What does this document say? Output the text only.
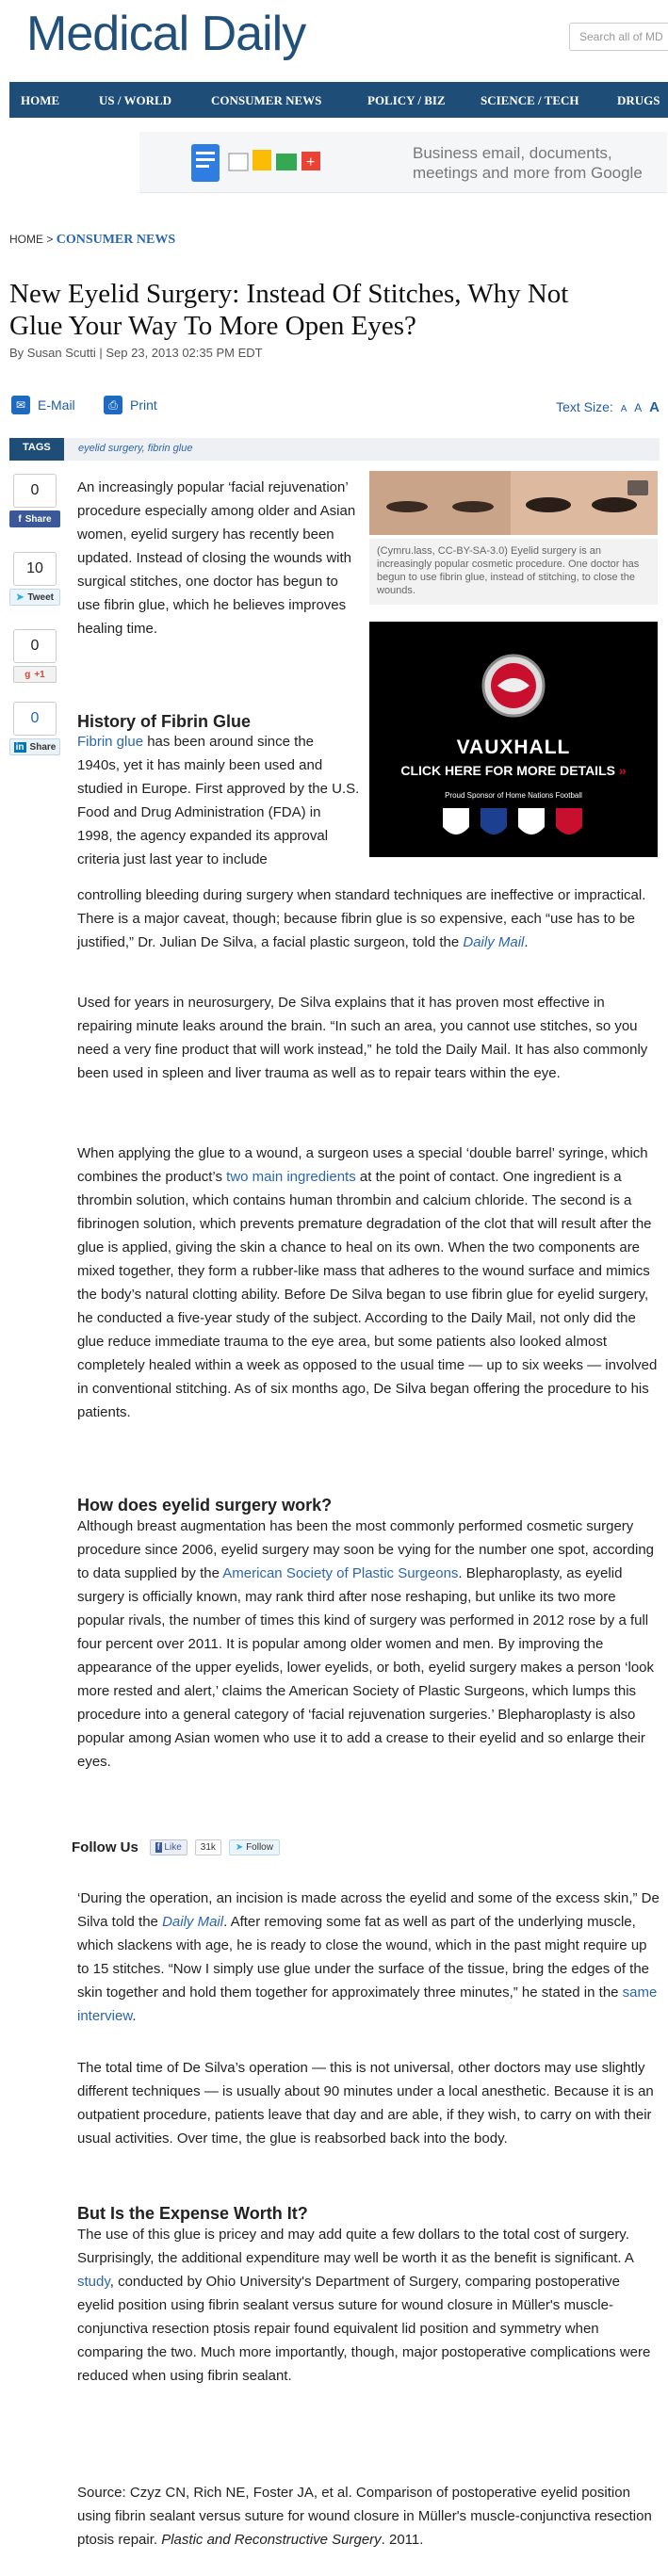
Medical Daily	Search all of MD
HOME	US / WORLD	CONSUMER NEWS	POLICY / BIZ	SCIENCE / TECH	DRUGS
+
Business email, documents, meetings and more from Google
HOME > CONSUMER NEWS
New Eyelid Surgery: Instead Of Stitches, Why Not Glue Your Way To More Open Eyes?
By Susan Scutti | Sep 23, 2013 02:35 PM EDT
✉ E-Mail	⎙ Print	Text Size: A A A
TAGS	eyelid surgery, fibrin glue
0
f Share
10
➤ Tweet
0
g +1
0
in Share
(Cymru.lass, CC-BY-SA-3.0) Eyelid surgery is an increasingly popular cosmetic procedure. One doctor has begun to use fibrin glue, instead of stitching, to close the wounds.
VAUXHALL
CLICK HERE FOR MORE DETAILS »
Proud Sponsor of Home Nations Football

An increasingly popular ‘facial rejuvenation’ procedure especially among older and Asian women, eyelid surgery has recently been updated. Instead of closing the wounds with surgical stitches, one doctor has begun to use fibrin glue, which he believes improves healing time.

History of Fibrin Glue

Fibrin glue has been around since the 1940s, yet it has mainly been used and studied in Europe. First approved by the U.S. Food and Drug Administration (FDA) in 1998, the agency expanded its approval criteria just last year to include

controlling bleeding during surgery when standard techniques are ineffective or impractical. There is a major caveat, though; because fibrin glue is so expensive, each “use has to be justified,” Dr. Julian De Silva, a facial plastic surgeon, told the Daily Mail.

Used for years in neurosurgery, De Silva explains that it has proven most effective in repairing minute leaks around the brain. “In such an area, you cannot use stitches, so you need a very fine product that will work instead,” he told the Daily Mail. It has also commonly been used in spleen and liver trauma as well as to repair tears within the eye.

When applying the glue to a wound, a surgeon uses a special ‘double barrel’ syringe, which combines the product’s two main ingredients at the point of contact. One ingredient is a thrombin solution, which contains human thrombin and calcium chloride. The second is a fibrinogen solution, which prevents premature degradation of the clot that will result after the glue is applied, giving the skin a chance to heal on its own. When the two components are mixed together, they form a rubber-like mass that adheres to the wound surface and mimics the body’s natural clotting ability. Before De Silva began to use fibrin glue for eyelid surgery, he conducted a five-year study of the subject. According to the Daily Mail, not only did the glue reduce immediate trauma to the eye area, but some patients also looked almost completely healed within a week as opposed to the usual time — up to six weeks — involved in conventional stitching. As of six months ago, De Silva began offering the procedure to his patients.

How does eyelid surgery work?

Although breast augmentation has been the most commonly performed cosmetic surgery procedure since 2006, eyelid surgery may soon be vying for the number one spot, according to data supplied by the American Society of Plastic Surgeons. Blepharoplasty, as eyelid surgery is officially known, may rank third after nose reshaping, but unlike its two more popular rivals, the number of times this kind of surgery was performed in 2012 rose by a full four percent over 2011. It is popular among older women and men. By improving the appearance of the upper eyelids, lower eyelids, or both, eyelid surgery makes a person ‘look more rested and alert,’ claims the American Society of Plastic Surgeons, which lumps this procedure into a general category of ‘facial rejuvenation surgeries.’ Blepharoplasty is also popular among Asian women who use it to add a crease to their eyelid and so enlarge their eyes.

Follow Us	f Like	31k	➤ Follow

‘During the operation, an incision is made across the eyelid and some of the excess skin,” De Silva told the Daily Mail. After removing some fat as well as part of the underlying muscle, which slackens with age, he is ready to close the wound, which in the past might require up to 15 stitches. “Now I simply use glue under the surface of the tissue, bring the edges of the skin together and hold them together for approximately three minutes,” he stated in the same interview.

The total time of De Silva’s operation — this is not universal, other doctors may use slightly different techniques — is usually about 90 minutes under a local anesthetic. Because it is an outpatient procedure, patients leave that day and are able, if they wish, to carry on with their usual activities. Over time, the glue is reabsorbed back into the body.

But Is the Expense Worth It?

The use of this glue is pricey and may add quite a few dollars to the total cost of surgery. Surprisingly, the additional expenditure may well be worth it as the benefit is significant. A study, conducted by Ohio University's Department of Surgery, comparing postoperative eyelid position using fibrin sealant versus suture for wound closure in Müller's muscle-conjunctiva resection ptosis repair found equivalent lid position and symmetry when comparing the two. Much more importantly, though, major postoperative complications were reduced when using fibrin sealant.

Source: Czyz CN, Rich NE, Foster JA, et al. Comparison of postoperative eyelid position using fibrin sealant versus suture for wound closure in Müller's muscle-conjunctiva resection ptosis repair. Plastic and Reconstructive Surgery. 2011.
